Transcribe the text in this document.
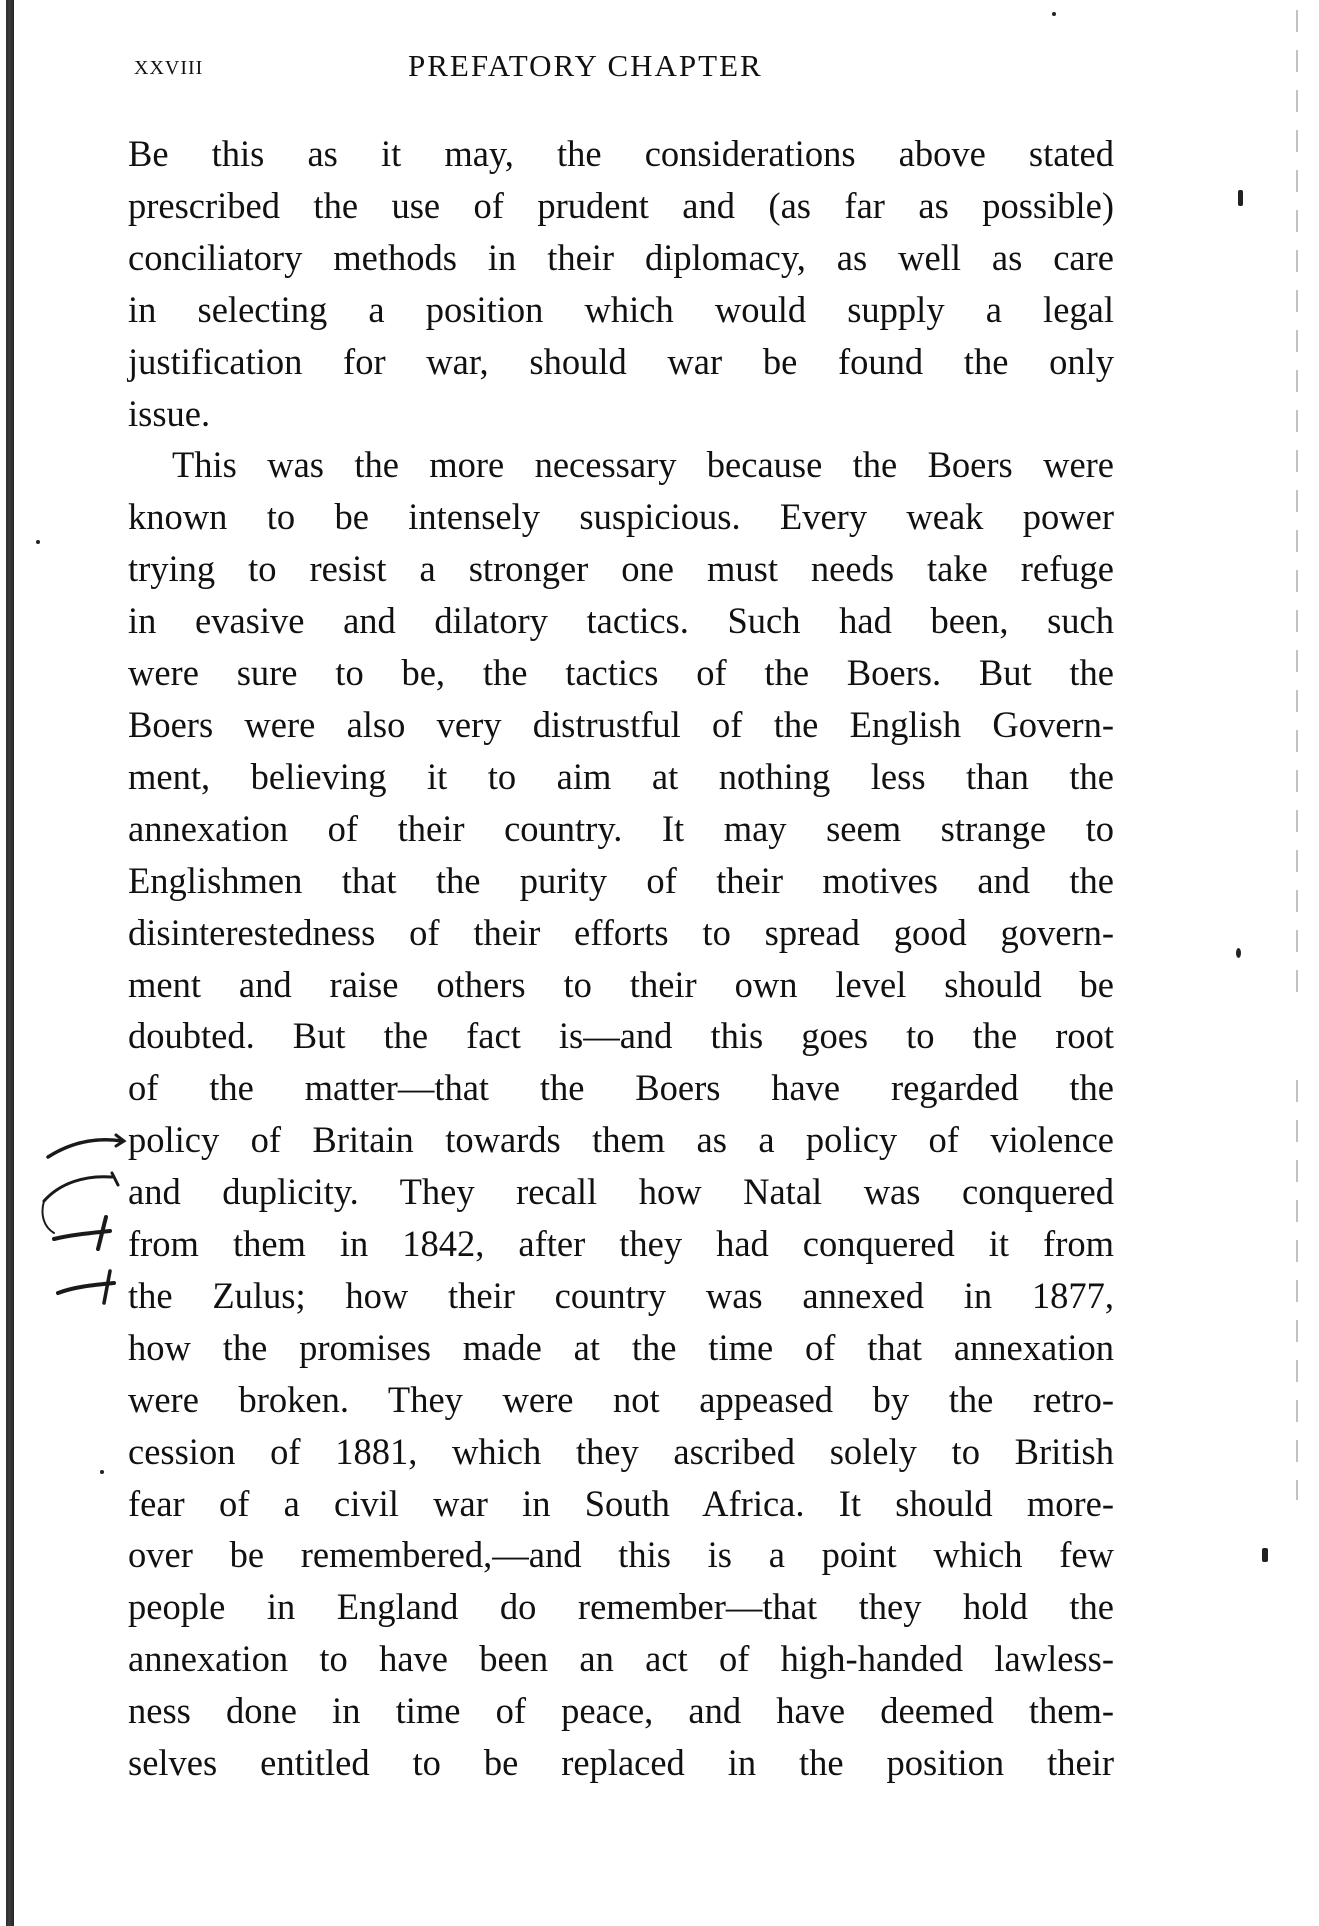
xxviii	PREFATORY CHAPTER
Be this as it may, the considerations above stated
prescribed the use of prudent and (as far as possible)
conciliatory methods in their diplomacy, as well as care
in selecting a position which would supply a legal
justification for war, should war be found the only
issue.
This was the more necessary because the Boers were
known to be intensely suspicious. Every weak power
trying to resist a stronger one must needs take refuge
in evasive and dilatory tactics. Such had been, such
were sure to be, the tactics of the Boers. But the
Boers were also very distrustful of the English Govern-
ment, believing it to aim at nothing less than the
annexation of their country. It may seem strange to
Englishmen that the purity of their motives and the
disinterestedness of their efforts to spread good govern-
ment and raise others to their own level should be
doubted. But the fact is—and this goes to the root
of the matter—that the Boers have regarded the
policy of Britain towards them as a policy of violence
and duplicity. They recall how Natal was conquered
from them in 1842, after they had conquered it from
the Zulus; how their country was annexed in 1877,
how the promises made at the time of that annexation
were broken. They were not appeased by the retro-
cession of 1881, which they ascribed solely to British
fear of a civil war in South Africa. It should more-
over be remembered,—and this is a point which few
people in England do remember—that they hold the
annexation to have been an act of high-handed lawless-
ness done in time of peace, and have deemed them-
selves entitled to be replaced in the position their
